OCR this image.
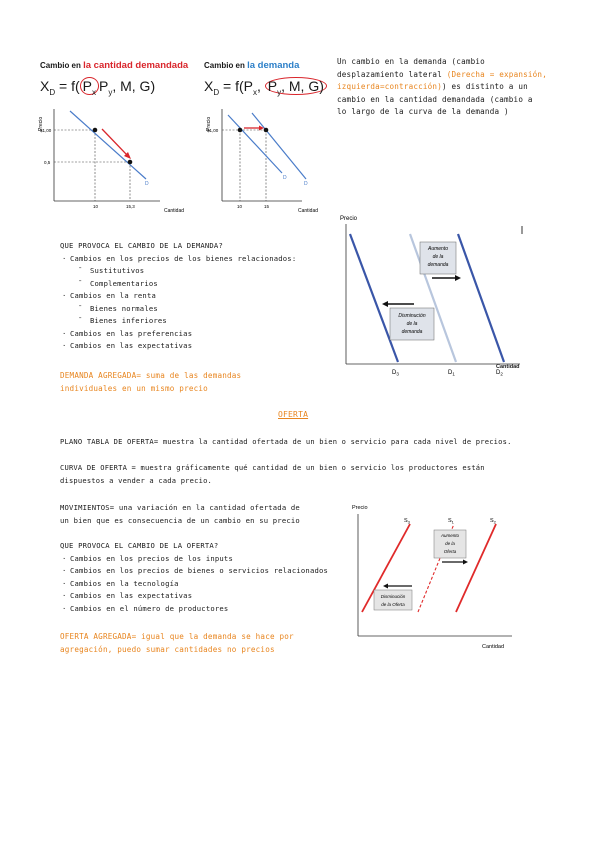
Cambio en la cantidad demandada
$X_D = f$( $P_x$ $P_y$, M, G)
Precio
$1,00
0,5
D
10	15,3
Cantidad
Cambio en la demanda
$X_D = f(P_x$, $P_y$, M, G)
Precio
$1,00
D
D
10	15
Cantidad
Un cambio en la demanda (cambio
desplazamiento lateral (Derecha = expansión,
izquierda=contracción)) es distinto a un
cambio en la cantidad demandada (cambio a
lo largo de la curva de la demanda )
Precio
Aumento
de la
demanda
Disminución
de la
demanda
$D_3$	$D_1$	$D_2$
Cantidad
QUE PROVOCA EL CAMBIO DE LA DEMANDA?
· Cambios en los precios de los bienes relacionados:
¯ Sustitutivos
¯ Complementarios
· Cambios en la renta
¯ Bienes normales
¯ Bienes inferiores
· Cambios en las preferencias
· Cambios en las expectativas
DEMANDA AGREGADA= suma de las demandas
individuales en un mismo precio
OFERTA
PLANO TABLA DE OFERTA= muestra la cantidad ofertada de un bien o servicio para cada nivel de precios.
CURVA DE OFERTA = muestra gráficamente qué cantidad de un bien o servicio los productores están
dispuestos a vender a cada precio.
MOVIMIENTOS= una variación en la cantidad ofertada de
un bien que es consecuencia de un cambio en su precio
QUE PROVOCA EL CAMBIO DE LA OFERTA?
· Cambios en los precios de los inputs
· Cambios en los precios de bienes o servicios relacionados
· Cambios en la tecnología
· Cambios en las expectativas
· Cambios en el número de productores
OFERTA AGREGADA= igual que la demanda se hace por
agregación, puedo sumar cantidades no precios
Precio
Aumento
de la
Oferta
Disminución
de la Oferta
$S_3$	$S_1$	$S_2$
Cantidad
